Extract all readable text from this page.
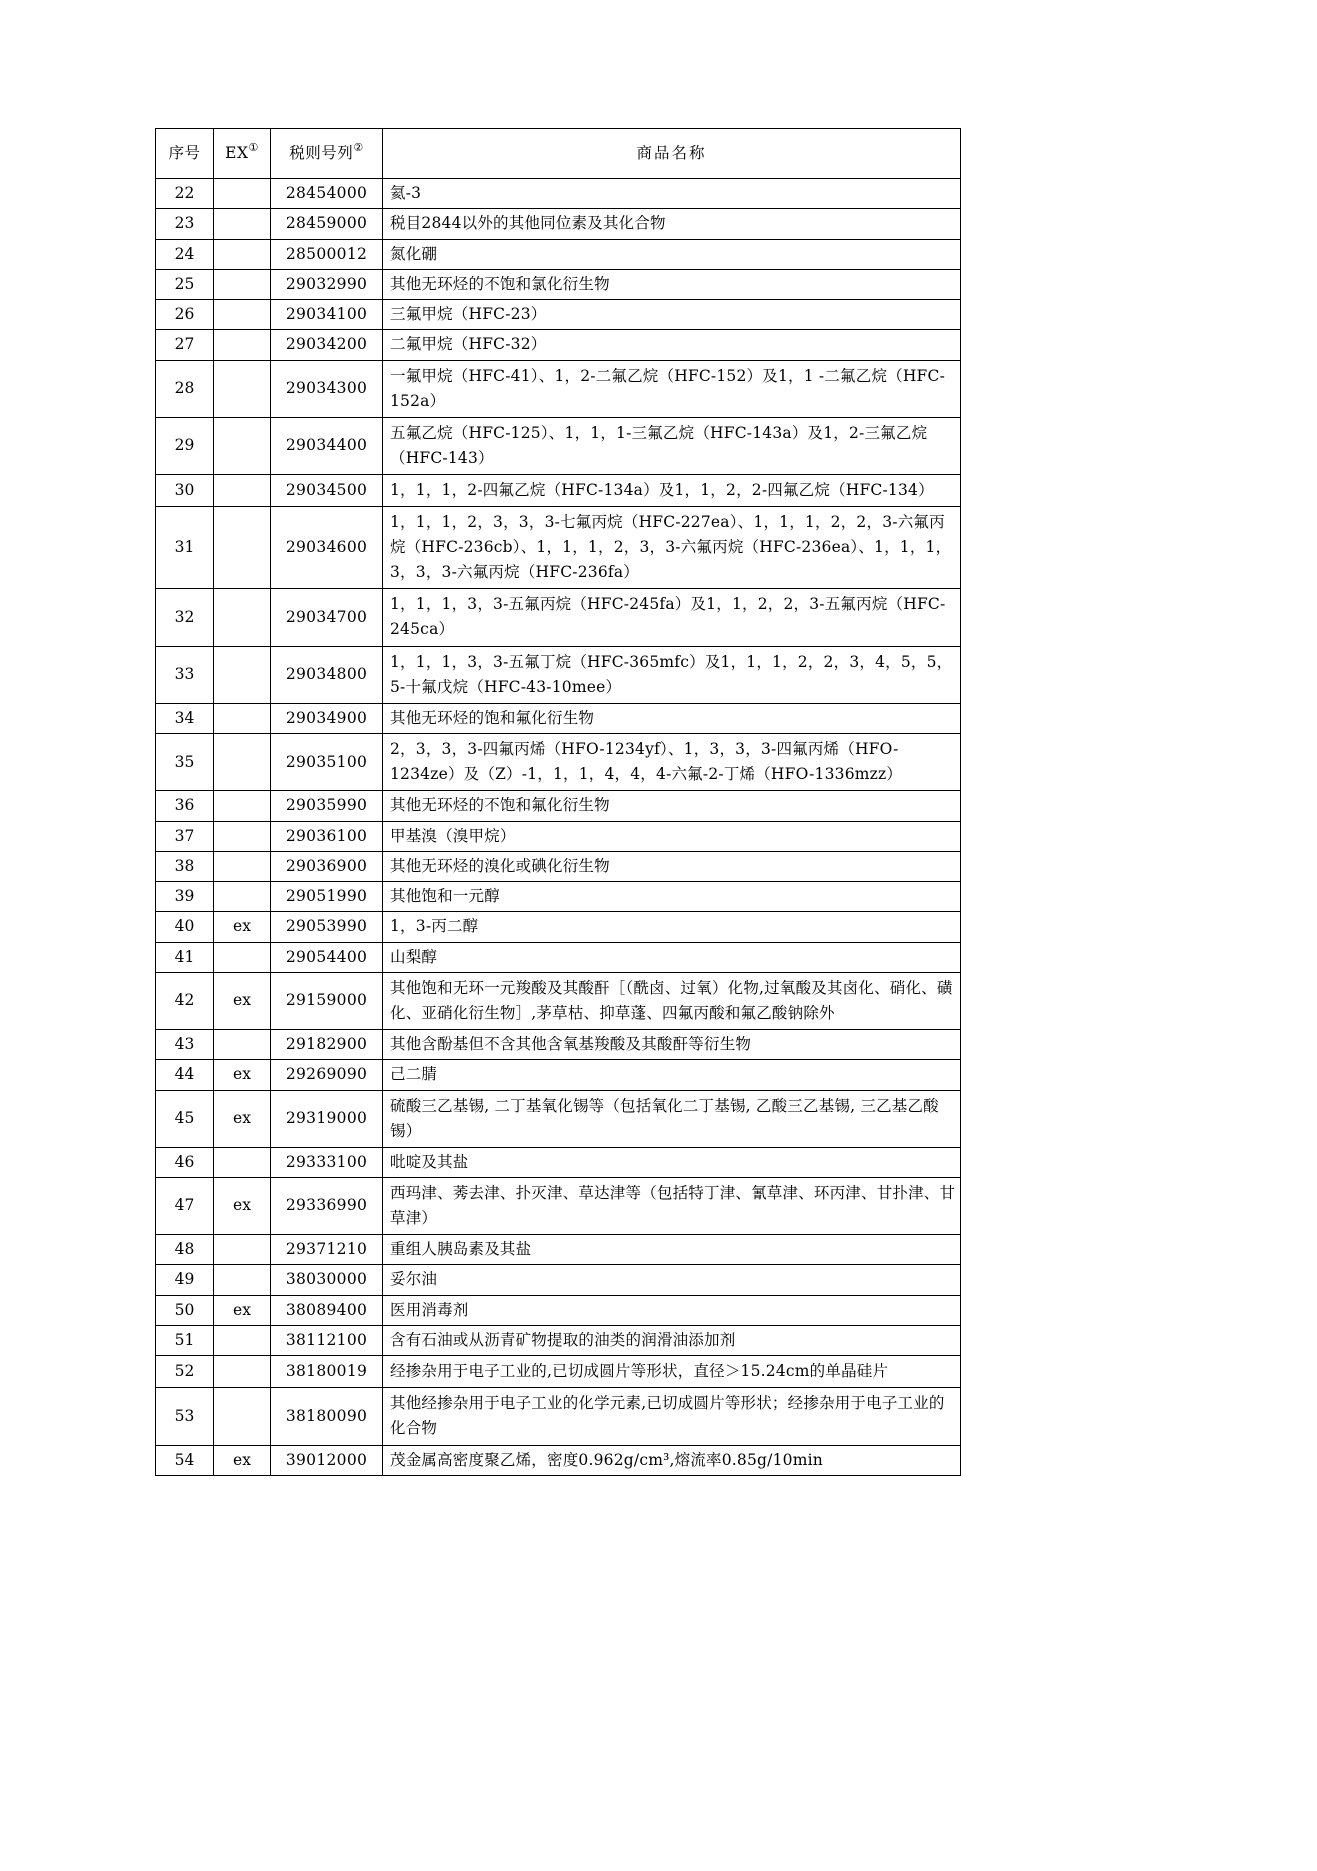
序号	EX①	税则号列②	商品名称
22		28454000	氦-3
23		28459000	税目2844以外的其他同位素及其化合物
24		28500012	氮化硼
25		29032990	其他无环烃的不饱和氯化衍生物
26		29034100	三氟甲烷（HFC-23）
27		29034200	二氟甲烷（HFC-32）
28		29034300	一氟甲烷（HFC-41）、1，2-二氟乙烷（HFC-152）及1，1 -二氟乙烷（HFC-152a）
29		29034400	五氟乙烷（HFC-125）、1，1，1-三氟乙烷（HFC-143a）及1，2-三氟乙烷（HFC-143）
30		29034500	1，1，1，2-四氟乙烷（HFC-134a）及1，1，2，2-四氟乙烷（HFC-134）
31		29034600	1，1，1，2，3，3，3-七氟丙烷（HFC-227ea）、1，1，1，2，2，3-六氟丙烷（HFC-236cb）、1，1，1，2，3，3-六氟丙烷（HFC-236ea）、1，1，1，3，3，3-六氟丙烷（HFC-236fa）
32		29034700	1，1，1，3，3-五氟丙烷（HFC-245fa）及1，1，2，2，3-五氟丙烷（HFC-245ca）
33		29034800	1，1，1，3，3-五氟丁烷（HFC-365mfc）及1，1，1，2，2，3，4，5，5，5-十氟戊烷（HFC-43-10mee）
34		29034900	其他无环烃的饱和氟化衍生物
35		29035100	2，3，3，3-四氟丙烯（HFO-1234yf）、1，3，3，3-四氟丙烯（HFO-1234ze）及（Z）-1，1，1，4，4，4-六氟-2-丁烯（HFO-1336mzz）
36		29035990	其他无环烃的不饱和氟化衍生物
37		29036100	甲基溴（溴甲烷）
38		29036900	其他无环烃的溴化或碘化衍生物
39		29051990	其他饱和一元醇
40	ex	29053990	1，3-丙二醇
41		29054400	山梨醇
42	ex	29159000	其他饱和无环一元羧酸及其酸酐［（酰卤、过氧）化物,过氧酸及其卤化、硝化、磺化、亚硝化衍生物］,茅草枯、抑草蓬、四氟丙酸和氟乙酸钠除外
43		29182900	其他含酚基但不含其他含氧基羧酸及其酸酐等衍生物
44	ex	29269090	己二腈
45	ex	29319000	硫酸三乙基锡, 二丁基氧化锡等（包括氧化二丁基锡, 乙酸三乙基锡, 三乙基乙酸锡）
46		29333100	吡啶及其盐
47	ex	29336990	西玛津、莠去津、扑灭津、草达津等（包括特丁津、氰草津、环丙津、甘扑津、甘草津）
48		29371210	重组人胰岛素及其盐
49		38030000	妥尔油
50	ex	38089400	医用消毒剂
51		38112100	含有石油或从沥青矿物提取的油类的润滑油添加剂
52		38180019	经掺杂用于电子工业的,已切成圆片等形状，直径＞15.24cm的单晶硅片
53		38180090	其他经掺杂用于电子工业的化学元素,已切成圆片等形状；经掺杂用于电子工业的化合物
54	ex	39012000	茂金属高密度聚乙烯，密度0.962g/cm³,熔流率0.85g/10min
